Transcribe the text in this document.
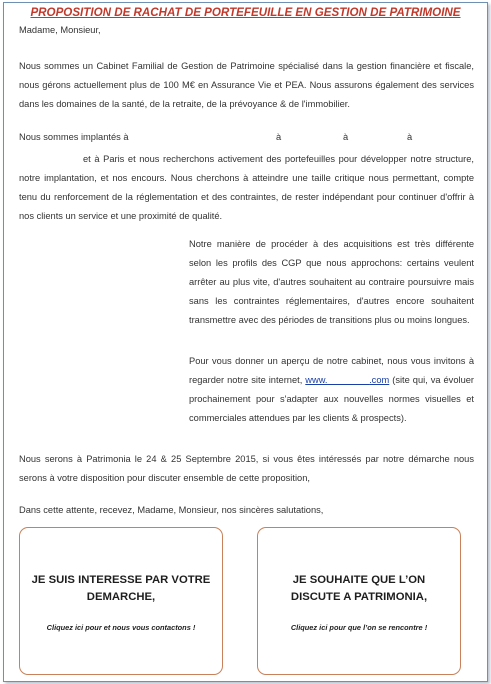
PROPOSITION DE RACHAT DE PORTEFEUILLE EN GESTION DE PATRIMOINE
Madame, Monsieur,
Nous sommes un Cabinet Familial de Gestion de Patrimoine spécialisé dans la gestion financière et fiscale, nous gérons actuellement plus de 100 M€ en Assurance Vie et PEA. Nous assurons également des services dans les domaines de la santé, de la retraite, de la prévoyance & de l'immobilier.
Nous sommes implantés à	à	à	à
et à Paris et nous recherchons activement des portefeuilles pour développer notre structure, notre implantation, et nos encours. Nous cherchons à atteindre une taille critique nous permettant, compte tenu du renforcement de la réglementation et des contraintes, de rester indépendant pour continuer d'offrir à nos clients un service et une proximité de qualité.
Notre manière de procéder à des acquisitions est très différente selon les profils des CGP que nous approchons: certains veulent arrêter au plus vite, d'autres souhaitent au contraire poursuivre mais sans les contraintes réglementaires, d'autres encore souhaitent transmettre avec des périodes de transitions plus ou moins longues.
Pour vous donner un aperçu de notre cabinet, nous vous invitons à regarder notre site internet, www.	.com (site qui, va évoluer prochainement pour s'adapter aux nouvelles normes visuelles et commerciales attendues par les clients & prospects).
Nous serons à Patrimonia le 24 & 25 Septembre 2015, si vous êtes intéressés par notre démarche nous serons à votre disposition pour discuter ensemble de cette proposition,
Dans cette attente, recevez, Madame, Monsieur, nos sincères salutations,
JE SUIS INTERESSE PAR VOTRE
DEMARCHE,
Cliquez ici pour et nous vous contactons !
JE SOUHAITE QUE L’ON
DISCUTE A PATRIMONIA,
Cliquez ici pour que l’on se rencontre !
